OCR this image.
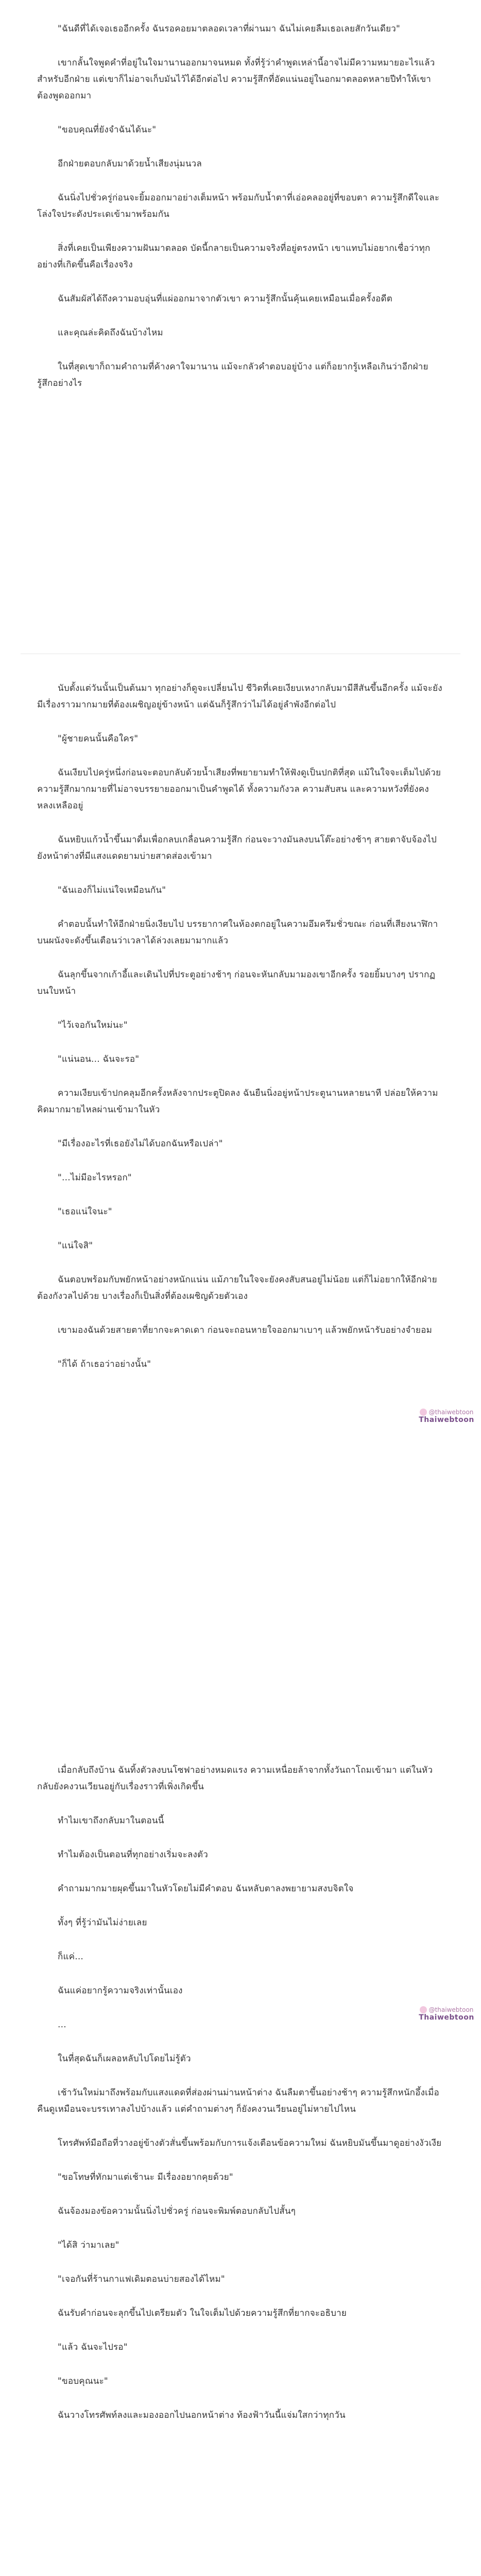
"ฉันดีที่ได้เจอเธออีกครั้ง ฉันรอคอยมาตลอดเวลาที่ผ่านมา ฉันไม่เคยลืมเธอเลยสักวันเดียว"

เขากลั้นใจพูดคำที่อยู่ในใจมานานออกมาจนหมด ทั้งที่รู้ว่าคำพูดเหล่านี้อาจไม่มีความหมายอะไรแล้วสำหรับอีกฝ่าย แต่เขาก็ไม่อาจเก็บมันไว้ได้อีกต่อไป ความรู้สึกที่อัดแน่นอยู่ในอกมาตลอดหลายปีทำให้เขาต้องพูดออกมา

"ขอบคุณที่ยังจำฉันได้นะ"

อีกฝ่ายตอบกลับมาด้วยน้ำเสียงนุ่มนวล

ฉันนิ่งไปชั่วครู่ก่อนจะยิ้มออกมาอย่างเต็มหน้า พร้อมกับน้ำตาที่เอ่อคลออยู่ที่ขอบตา ความรู้สึกดีใจและโล่งใจประดังประเดเข้ามาพร้อมกัน

สิ่งที่เคยเป็นเพียงความฝันมาตลอด บัดนี้กลายเป็นความจริงที่อยู่ตรงหน้า เขาแทบไม่อยากเชื่อว่าทุกอย่างที่เกิดขึ้นคือเรื่องจริง

ฉันสัมผัสได้ถึงความอบอุ่นที่แผ่ออกมาจากตัวเขา ความรู้สึกนั้นคุ้นเคยเหมือนเมื่อครั้งอดีต

และคุณล่ะคิดถึงฉันบ้างไหม

ในที่สุดเขาก็ถามคำถามที่ค้างคาใจมานาน แม้จะกลัวคำตอบอยู่บ้าง แต่ก็อยากรู้เหลือเกินว่าอีกฝ่ายรู้สึกอย่างไร

นับตั้งแต่วันนั้นเป็นต้นมา ทุกอย่างก็ดูจะเปลี่ยนไป ชีวิตที่เคยเงียบเหงากลับมามีสีสันขึ้นอีกครั้ง แม้จะยังมีเรื่องราวมากมายที่ต้องเผชิญอยู่ข้างหน้า แต่ฉันก็รู้สึกว่าไม่ได้อยู่ลำพังอีกต่อไป

"ผู้ชายคนนั้นคือใคร"

ฉันเงียบไปครู่หนึ่งก่อนจะตอบกลับด้วยน้ำเสียงที่พยายามทำให้ฟังดูเป็นปกติที่สุด แม้ในใจจะเต็มไปด้วยความรู้สึกมากมายที่ไม่อาจบรรยายออกมาเป็นคำพูดได้ ทั้งความกังวล ความสับสน และความหวังที่ยังคงหลงเหลืออยู่

ฉันหยิบแก้วน้ำขึ้นมาดื่มเพื่อกลบเกลื่อนความรู้สึก ก่อนจะวางมันลงบนโต๊ะอย่างช้าๆ สายตาจับจ้องไปยังหน้าต่างที่มีแสงแดดยามบ่ายสาดส่องเข้ามา

"ฉันเองก็ไม่แน่ใจเหมือนกัน"

คำตอบนั้นทำให้อีกฝ่ายนิ่งเงียบไป บรรยากาศในห้องตกอยู่ในความอึมครึมชั่วขณะ ก่อนที่เสียงนาฬิกาบนผนังจะดังขึ้นเตือนว่าเวลาได้ล่วงเลยมามากแล้ว

ฉันลุกขึ้นจากเก้าอี้และเดินไปที่ประตูอย่างช้าๆ ก่อนจะหันกลับมามองเขาอีกครั้ง รอยยิ้มบางๆ ปรากฏบนใบหน้า

"ไว้เจอกันใหม่นะ"

"แน่นอน... ฉันจะรอ"

ความเงียบเข้าปกคลุมอีกครั้งหลังจากประตูปิดลง ฉันยืนนิ่งอยู่หน้าประตูนานหลายนาที ปล่อยให้ความคิดมากมายไหลผ่านเข้ามาในหัว

"มีเรื่องอะไรที่เธอยังไม่ได้บอกฉันหรือเปล่า"

"...ไม่มีอะไรหรอก"

"เธอแน่ใจนะ"

"แน่ใจสิ"

ฉันตอบพร้อมกับพยักหน้าอย่างหนักแน่น แม้ภายในใจจะยังคงสับสนอยู่ไม่น้อย แต่ก็ไม่อยากให้อีกฝ่ายต้องกังวลไปด้วย บางเรื่องก็เป็นสิ่งที่ต้องเผชิญด้วยตัวเอง

เขามองฉันด้วยสายตาที่ยากจะคาดเดา ก่อนจะถอนหายใจออกมาเบาๆ แล้วพยักหน้ารับอย่างจำยอม

"ก็ได้ ถ้าเธอว่าอย่างนั้น"

@thaiwebtoon
Thaiwebtoon

เมื่อกลับถึงบ้าน ฉันทิ้งตัวลงบนโซฟาอย่างหมดแรง ความเหนื่อยล้าจากทั้งวันถาโถมเข้ามา แต่ในหัวกลับยังคงวนเวียนอยู่กับเรื่องราวที่เพิ่งเกิดขึ้น

ทำไมเขาถึงกลับมาในตอนนี้

ทำไมต้องเป็นตอนที่ทุกอย่างเริ่มจะลงตัว

คำถามมากมายผุดขึ้นมาในหัวโดยไม่มีคำตอบ ฉันหลับตาลงพยายามสงบจิตใจ

ทั้งๆ ที่รู้ว่ามันไม่ง่ายเลย

ก็แค่...

ฉันแค่อยากรู้ความจริงเท่านั้นเอง

...

ในที่สุดฉันก็เผลอหลับไปโดยไม่รู้ตัว

เช้าวันใหม่มาถึงพร้อมกับแสงแดดที่ส่องผ่านม่านหน้าต่าง ฉันลืมตาขึ้นอย่างช้าๆ ความรู้สึกหนักอึ้งเมื่อคืนดูเหมือนจะบรรเทาลงไปบ้างแล้ว แต่คำถามต่างๆ ก็ยังคงวนเวียนอยู่ไม่หายไปไหน

โทรศัพท์มือถือที่วางอยู่ข้างตัวสั่นขึ้นพร้อมกับการแจ้งเตือนข้อความใหม่ ฉันหยิบมันขึ้นมาดูอย่างงัวเงีย

"ขอโทษที่ทักมาแต่เช้านะ มีเรื่องอยากคุยด้วย"

ฉันจ้องมองข้อความนั้นนิ่งไปชั่วครู่ ก่อนจะพิมพ์ตอบกลับไปสั้นๆ

"ได้สิ ว่ามาเลย"

"เจอกันที่ร้านกาแฟเดิมตอนบ่ายสองได้ไหม"

ฉันรับคำก่อนจะลุกขึ้นไปเตรียมตัว ในใจเต็มไปด้วยความรู้สึกที่ยากจะอธิบาย

"แล้ว ฉันจะไปรอ"

"ขอบคุณนะ"

ฉันวางโทรศัพท์ลงและมองออกไปนอกหน้าต่าง ท้องฟ้าวันนี้แจ่มใสกว่าทุกวัน

@thaiwebtoon
Thaiwebtoon
